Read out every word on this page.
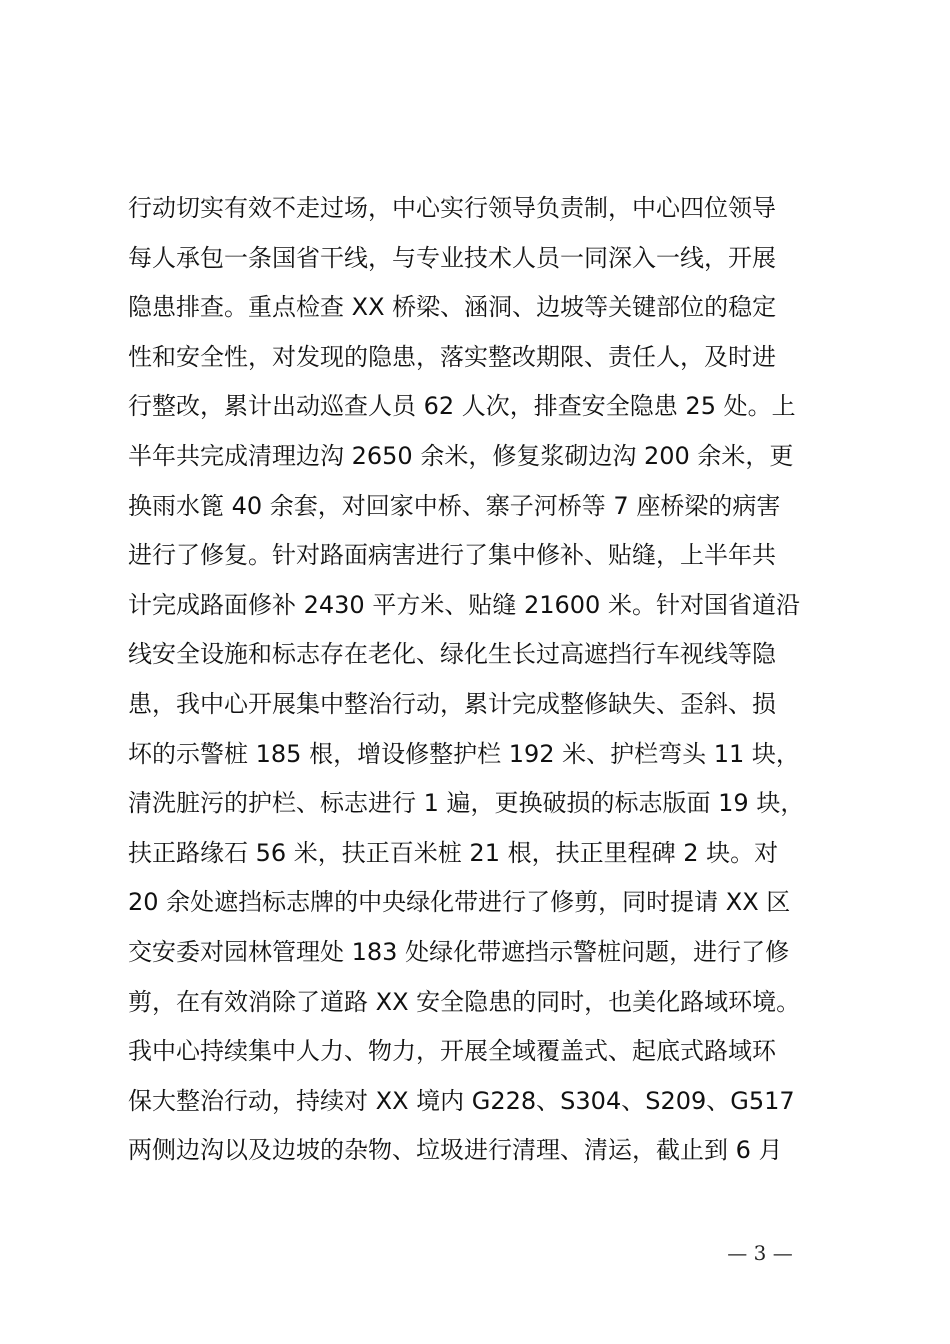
行动切实有效不走过场，中心实行领导负责制，中心四位领导
每人承包一条国省干线，与专业技术人员一同深入一线，开展
隐患排查。重点检查 XX 桥梁、涵洞、边坡等关键部位的稳定
性和安全性，对发现的隐患，落实整改期限、责任人，及时进
行整改，累计出动巡查人员 62 人次，排查安全隐患 25 处。上
半年共完成清理边沟 2650 余米，修复浆砌边沟 200 余米，更
换雨水篦 40 余套，对回家中桥、寨子河桥等 7 座桥梁的病害
进行了修复。针对路面病害进行了集中修补、贴缝，上半年共
计完成路面修补 2430 平方米、贴缝 21600 米。针对国省道沿
线安全设施和标志存在老化、绿化生长过高遮挡行车视线等隐
患，我中心开展集中整治行动，累计完成整修缺失、歪斜、损
坏的示警桩 185 根，增设修整护栏 192 米、护栏弯头 11 块，
清洗脏污的护栏、标志进行 1 遍，更换破损的标志版面 19 块，
扶正路缘石 56 米，扶正百米桩 21 根，扶正里程碑 2 块。对
20 余处遮挡标志牌的中央绿化带进行了修剪，同时提请 XX 区
交安委对园林管理处 183 处绿化带遮挡示警桩问题，进行了修
剪，在有效消除了道路 XX 安全隐患的同时，也美化路域环境。
我中心持续集中人力、物力，开展全域覆盖式、起底式路域环
保大整治行动，持续对 XX 境内 G228、S304、S209、G517
两侧边沟以及边坡的杂物、垃圾进行清理、清运，截止到 6 月
— 3 —
